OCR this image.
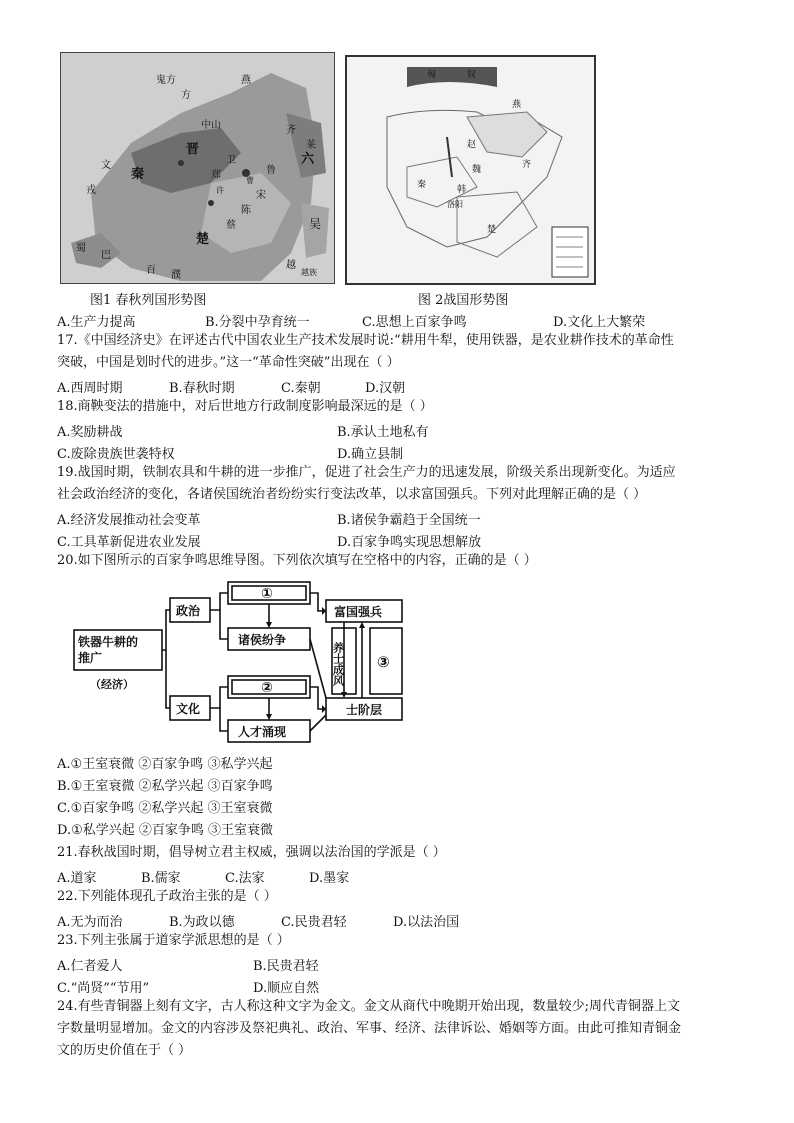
鬼方
方
燕
中山	齐
晋
秦	鲁
宋
卫
郑
陈
蔡
楚
吴
越
巴
蜀
百 濮
莱
六
文
戎
越族
曹
许
匈	奴
燕
赵
魏
韩
齐
秦
楚
洛阳
图1 春秋列国形势图	图 2战国形势图
A.生产力提高	B.分裂中孕育统一	C.思想上百家争鸣	D.文化上大繁荣
17.《中国经济史》在评述古代中国农业生产技术发展时说:“耕用牛犁，使用铁器，是农业耕作技术的革命性
突破，中国是划时代的进步。”这一“革命性突破”出现在（ ）
A.西周时期	B.春秋时期	C.秦朝	D.汉朝
18.商鞅变法的措施中，对后世地方行政制度影响最深远的是（ ）
A.奖励耕战	B.承认土地私有
C.废除贵族世袭特权	D.确立县制
19.战国时期，铁制农具和牛耕的进一步推广，促进了社会生产力的迅速发展，阶级关系出现新变化。为适应
社会政治经济的变化，各诸侯国统治者纷纷实行变法改革，以求富国强兵。下列对此理解正确的是（ ）
A.经济发展推动社会变革	B.诸侯争霸趋于全国统一
C.工具革新促进农业发展	D.百家争鸣实现思想解放
20.如下图所示的百家争鸣思维导图。下列依次填写在空格中的内容，正确的是（ ）
铁器牛耕的 推广
（经济）
政治
文化
①
诸侯纷争
②
人才涌现
富国强兵
士阶层
③
养士成风
A.①王室衰微 ②百家争鸣 ③私学兴起
B.①王室衰微 ②私学兴起 ③百家争鸣
C.①百家争鸣 ②私学兴起 ③王室衰微
D.①私学兴起 ②百家争鸣 ③王室衰微
21.春秋战国时期，倡导树立君主权威，强调以法治国的学派是（ ）
A.道家	B.儒家	C.法家	D.墨家
22.下列能体现孔子政治主张的是（ ）
A.无为而治	B.为政以德	C.民贵君轻	D.以法治国
23.下列主张属于道家学派思想的是（ ）
A.仁者爱人	B.民贵君轻
C.“尚贤”“节用”	D.顺应自然
24.有些青铜器上刻有文字，古人称这种文字为金文。金文从商代中晚期开始出现，数量较少;周代青铜器上文
字数量明显增加。金文的内容涉及祭祀典礼、政治、军事、经济、法律诉讼、婚姻等方面。由此可推知青铜金
文的历史价值在于（ ）
